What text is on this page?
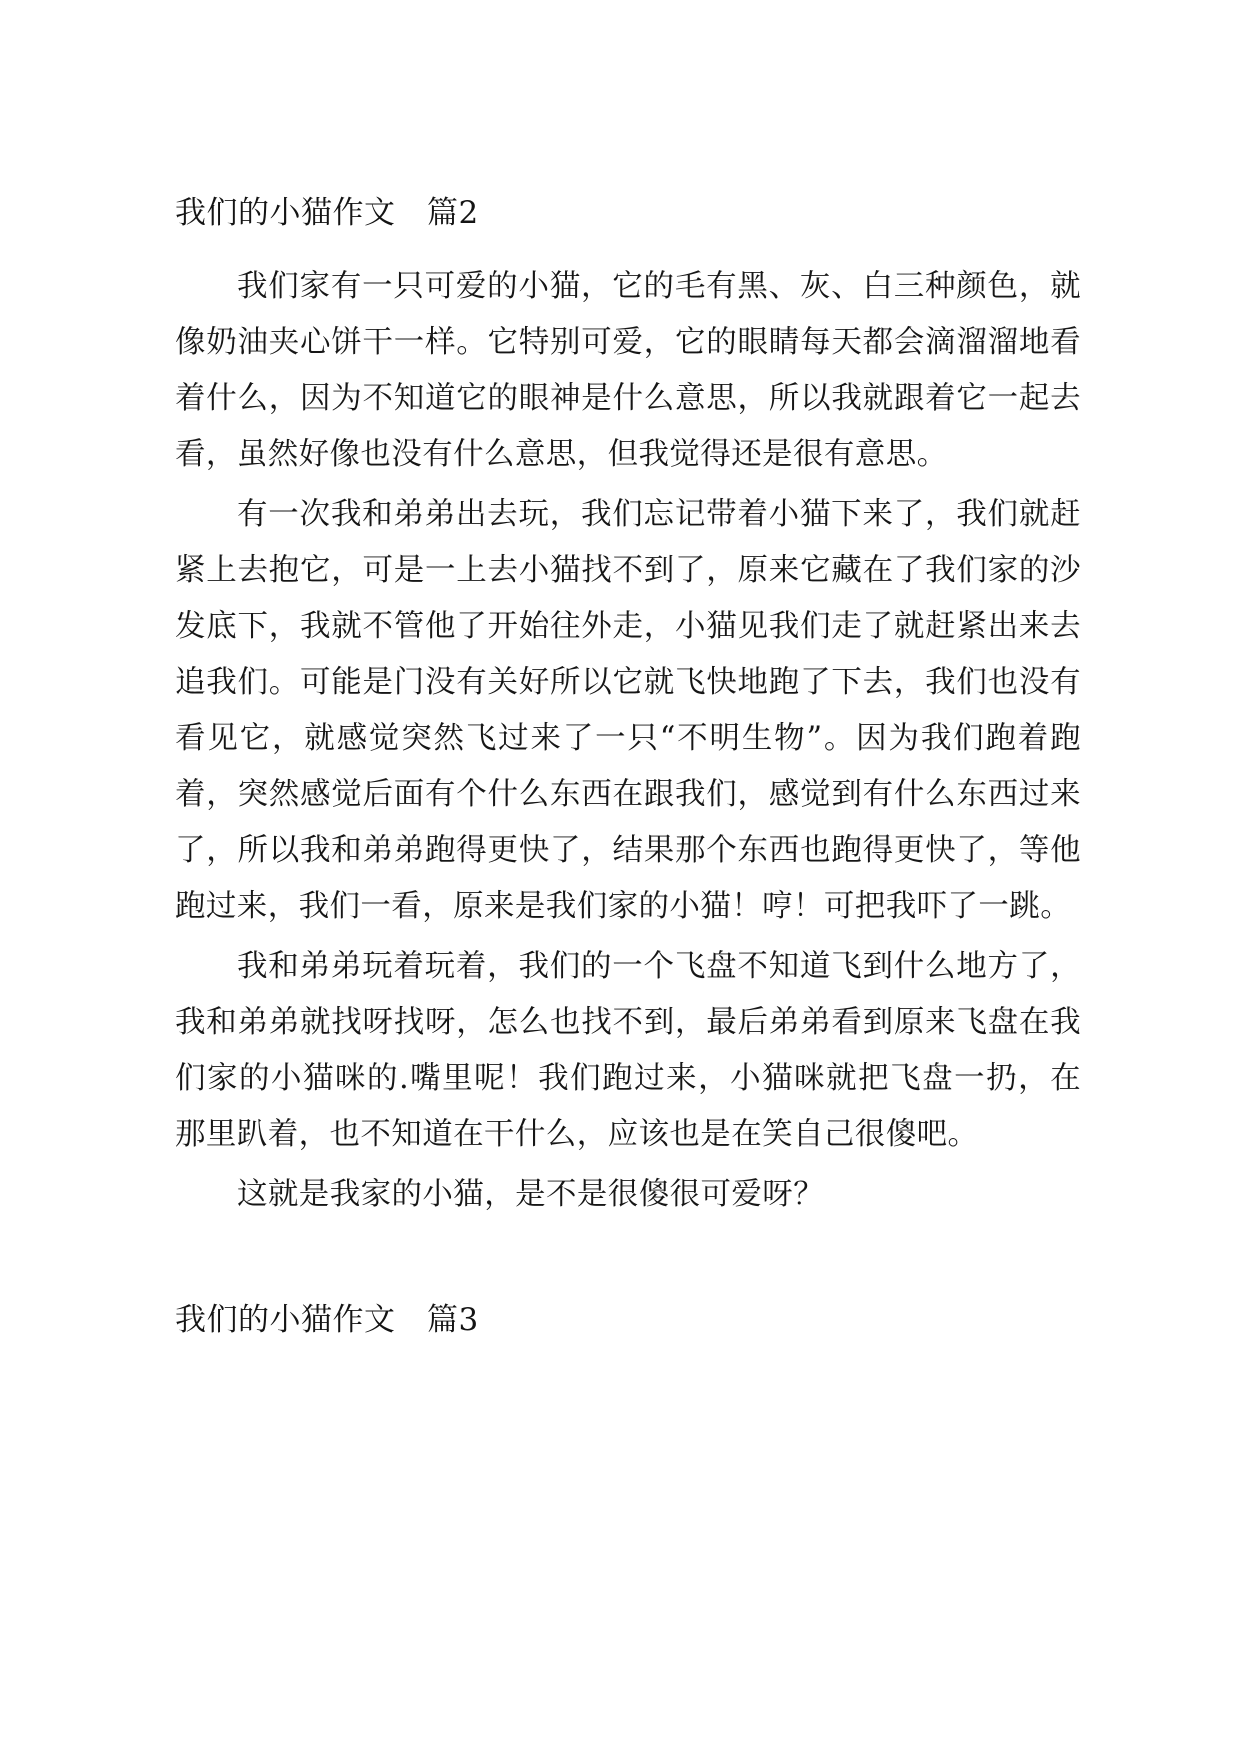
我们的小猫作文　篇2

我们家有一只可爱的小猫，它的毛有黑、灰、白三种颜色，就像奶油夹心饼干一样。它特别可爱，它的眼睛每天都会滴溜溜地看着什么，因为不知道它的眼神是什么意思，所以我就跟着它一起去看，虽然好像也没有什么意思，但我觉得还是很有意思。

有一次我和弟弟出去玩，我们忘记带着小猫下来了，我们就赶紧上去抱它，可是一上去小猫找不到了，原来它藏在了我们家的沙发底下，我就不管他了开始往外走，小猫见我们走了就赶紧出来去追我们。可能是门没有关好所以它就飞快地跑了下去，我们也没有看见它，就感觉突然飞过来了一只“不明生物”。因为我们跑着跑着，突然感觉后面有个什么东西在跟我们，感觉到有什么东西过来了，所以我和弟弟跑得更快了，结果那个东西也跑得更快了，等他跑过来，我们一看，原来是我们家的小猫！哼！可把我吓了一跳。

我和弟弟玩着玩着，我们的一个飞盘不知道飞到什么地方了，我和弟弟就找呀找呀，怎么也找不到，最后弟弟看到原来飞盘在我们家的小猫咪的.嘴里呢！我们跑过来，小猫咪就把飞盘一扔，在那里趴着，也不知道在干什么，应该也是在笑自己很傻吧。

这就是我家的小猫，是不是很傻很可爱呀？

我们的小猫作文　篇3
